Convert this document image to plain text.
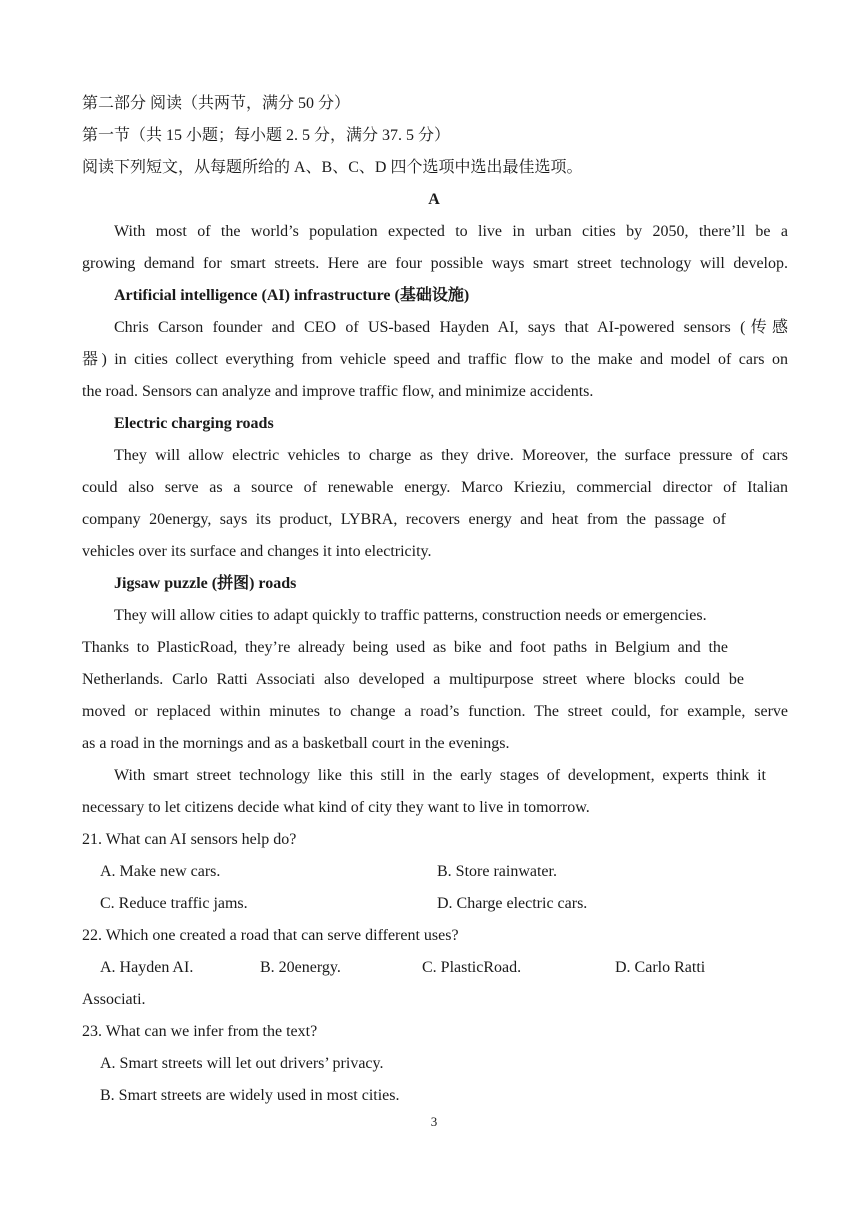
第二部分 阅读（共两节，满分 50 分）
第一节（共 15 小题；每小题 2. 5 分，满分 37. 5 分）
阅读下列短文，从每题所给的 A、B、C、D 四个选项中选出最佳选项。
A
With most of the world’s population expected to live in urban cities by 2050, there’ll be a
growing demand for smart streets. Here are four possible ways smart street technology will develop.
Artificial intelligence (AI) infrastructure (基础设施)
Chris Carson founder and CEO of US-based Hayden AI, says that AI-powered sensors (传感
器) in cities collect everything from vehicle speed and traffic flow to the make and model of cars on
the road. Sensors can analyze and improve traffic flow, and minimize accidents.
Electric charging roads
They will allow electric vehicles to charge as they drive. Moreover, the surface pressure of cars
could also serve as a source of renewable energy. Marco Krieziu, commercial director of Italian
company 20energy, says its product, LYBRA, recovers energy and heat from the passage of
vehicles over its surface and changes it into electricity.
Jigsaw puzzle (拼图) roads
They will allow cities to adapt quickly to traffic patterns, construction needs or emergencies.
Thanks to PlasticRoad, they’re already being used as bike and foot paths in Belgium and the
Netherlands. Carlo Ratti Associati also developed a multipurpose street where blocks could be
moved or replaced within minutes to change a road’s function. The street could, for example, serve
as a road in the mornings and as a basketball court in the evenings.
With smart street technology like this still in the early stages of development, experts think it
necessary to let citizens decide what kind of city they want to live in tomorrow.
21. What can AI sensors help do?
A. Make new cars.	B. Store rainwater.
C. Reduce traffic jams.	D. Charge electric cars.
22. Which one created a road that can serve different uses?
A. Hayden AI.	B. 20energy.	C. PlasticRoad.	D. Carlo Ratti
Associati.
23. What can we infer from the text?
A. Smart streets will let out drivers’ privacy.
B. Smart streets are widely used in most cities.
3
